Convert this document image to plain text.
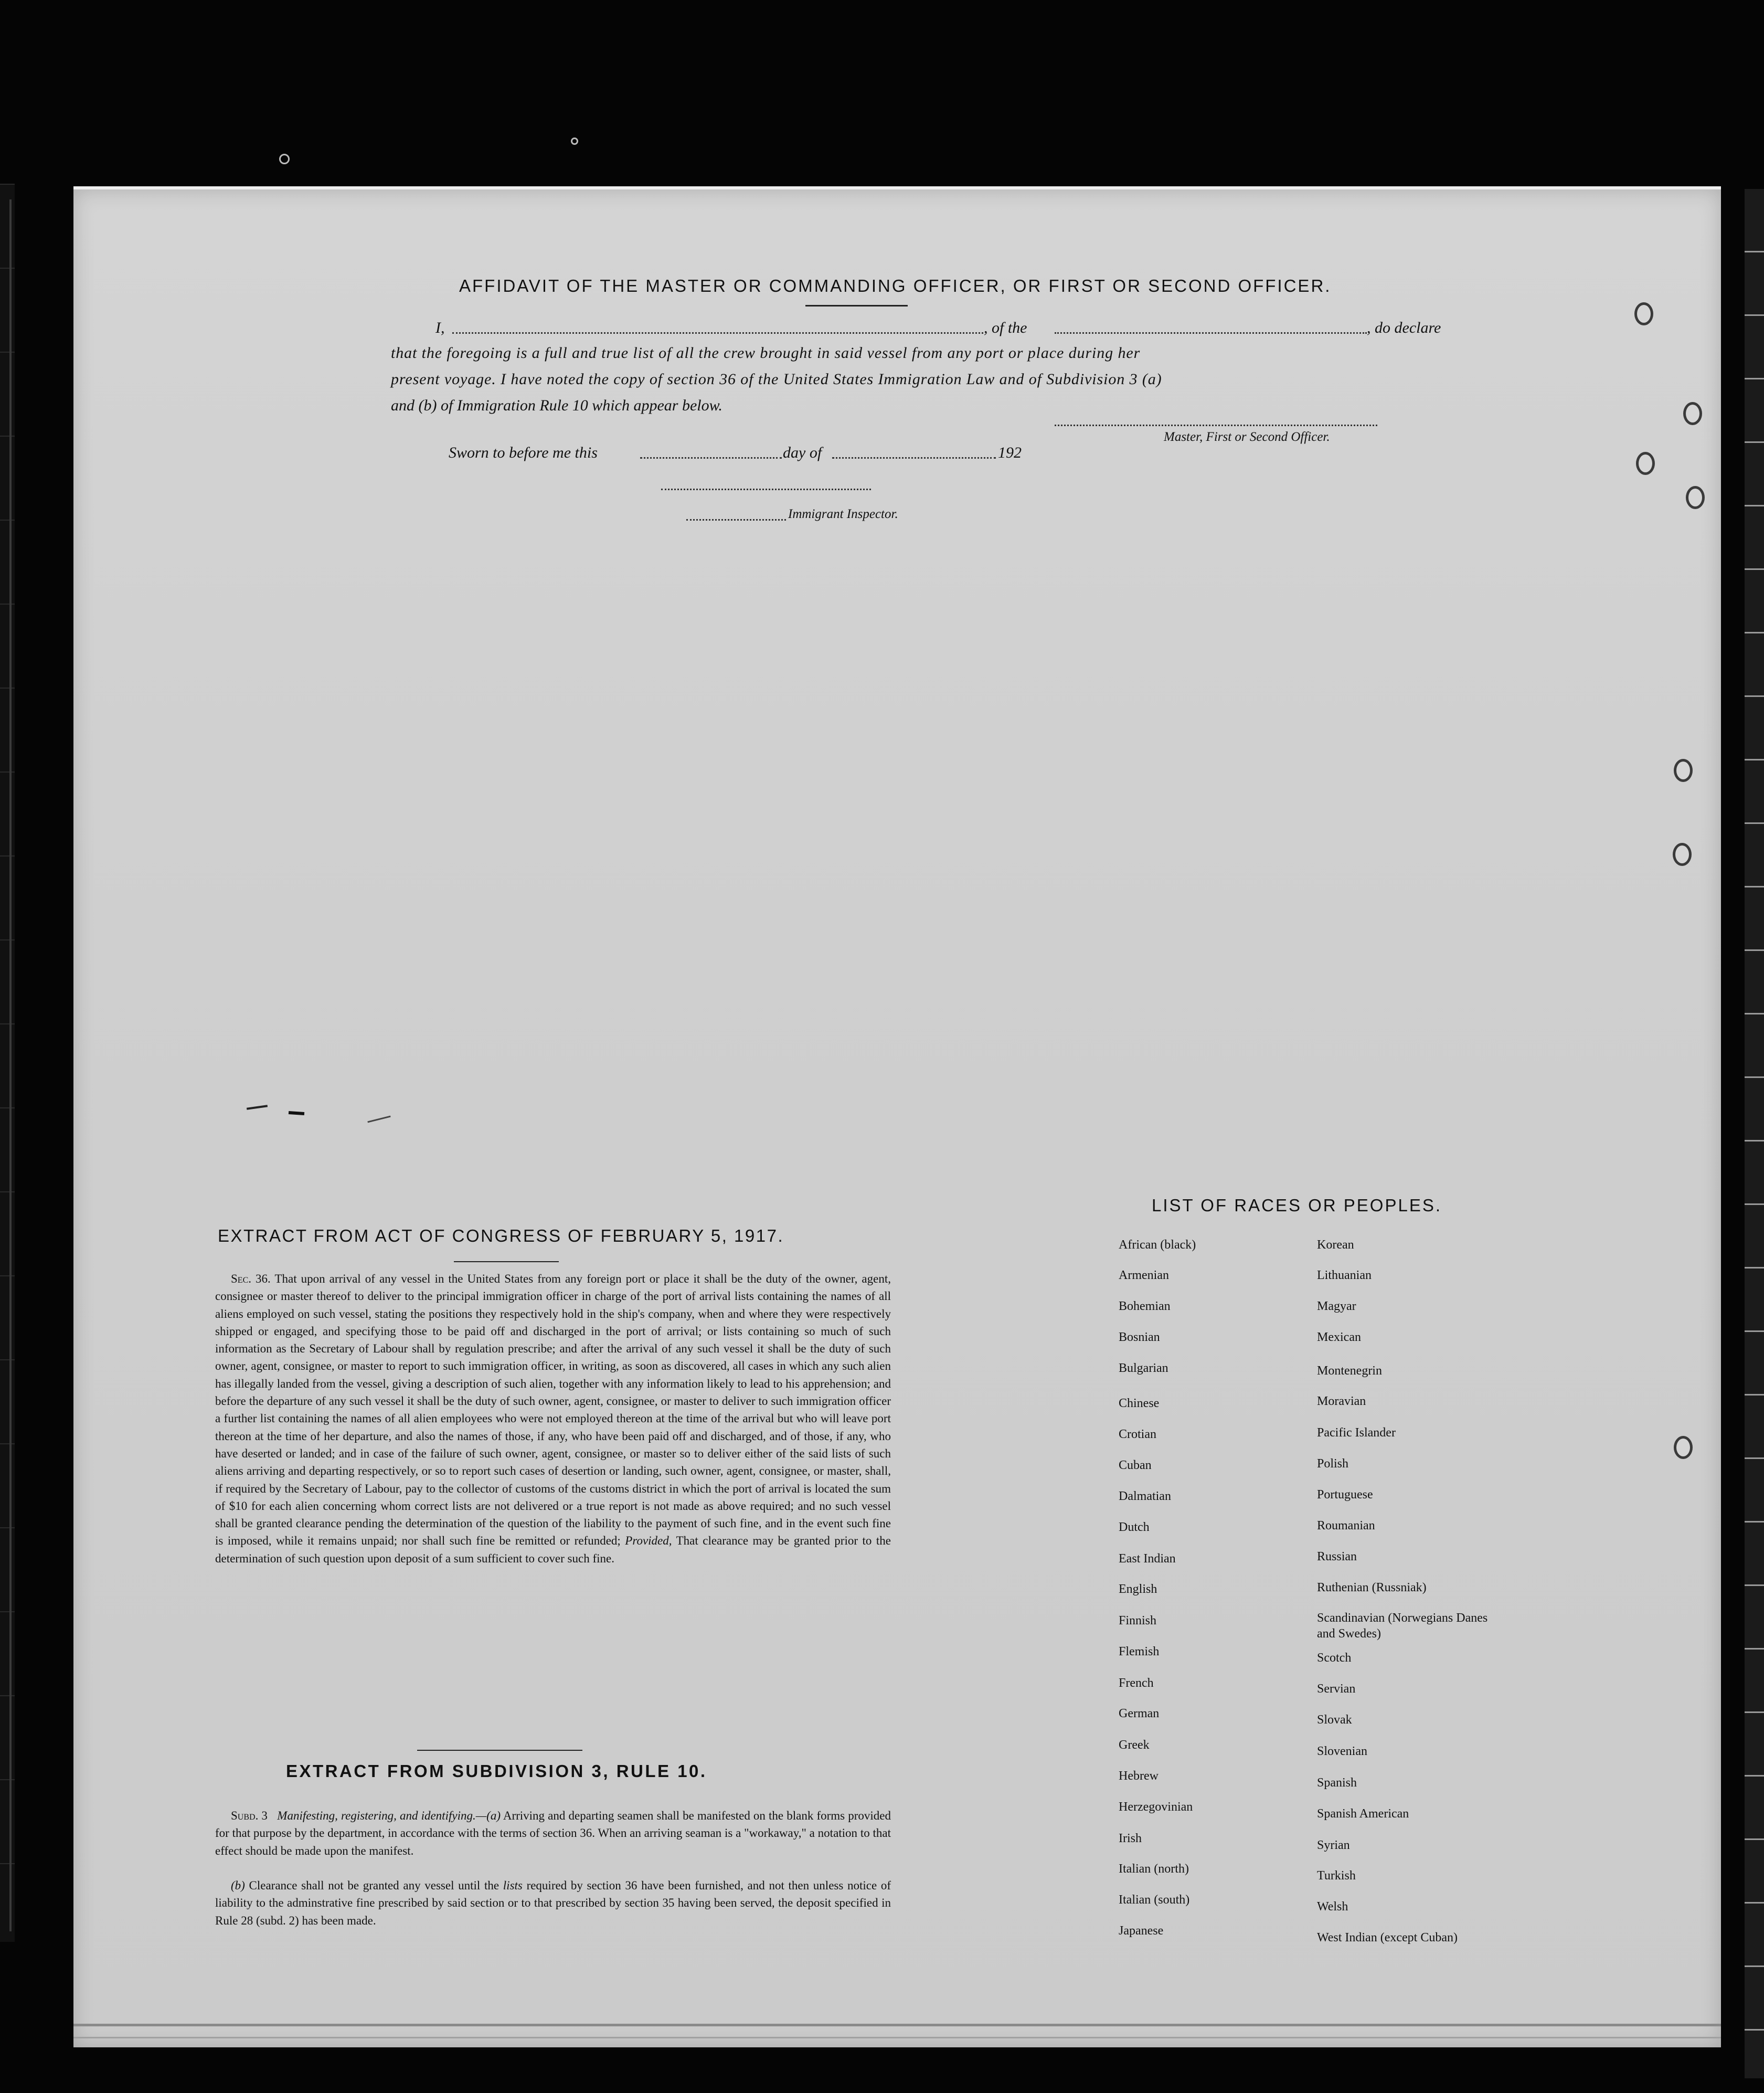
AFFIDAVIT OF THE MASTER OR COMMANDING OFFICER, OR FIRST OR SECOND OFFICER.
I,	, of the	, do declare
that the foregoing is a full and true list of all the crew brought in said vessel from any port or place during her
present voyage. I have noted the copy of section 36 of the United States Immigration Law and of Subdivision 3 (a)
and (b) of Immigration Rule 10 which appear below.
Master, First or Second Officer.
Sworn to before me this	day of	192
Immigrant Inspector.
EXTRACT FROM ACT OF CONGRESS OF FEBRUARY 5, 1917.
Sec. 36. That upon arrival of any vessel in the United States from any foreign port or place it shall be the duty of the owner, agent, consignee or master thereof to deliver to the principal immigration officer in charge of the port of arrival lists containing the names of all aliens employed on such vessel, stating the positions they respectively hold in the ship's company, when and where they were respectively shipped or engaged, and specifying those to be paid off and discharged in the port of arrival; or lists containing so much of such information as the Secretary of Labour shall by regulation prescribe; and after the arrival of any such vessel it shall be the duty of such owner, agent, consignee, or master to report to such immigration officer, in writing, as soon as discovered, all cases in which any such alien has illegally landed from the vessel, giving a description of such alien, together with any information likely to lead to his apprehension; and before the departure of any such vessel it shall be the duty of such owner, agent, consignee, or master to deliver to such immigration officer a further list containing the names of all alien employees who were not employed thereon at the time of the arrival but who will leave port thereon at the time of her departure, and also the names of those, if any, who have been paid off and discharged, and of those, if any, who have deserted or landed; and in case of the failure of such owner, agent, consignee, or master so to deliver either of the said lists of such aliens arriving and departing respectively, or so to report such cases of desertion or landing, such owner, agent, consignee, or master, shall, if required by the Secretary of Labour, pay to the collector of customs of the customs district in which the port of arrival is located the sum of $10 for each alien concerning whom correct lists are not delivered or a true report is not made as above required; and no such vessel shall be granted clearance pending the determination of the question of the liability to the payment of such fine, and in the event such fine is imposed, while it remains unpaid; nor shall such fine be remitted or refunded; Provided, That clearance may be granted prior to the determination of such question upon deposit of a sum sufficient to cover such fine.
EXTRACT FROM SUBDIVISION 3, RULE 10.
Subd. 3 Manifesting, registering, and identifying.—(a) Arriving and departing seamen shall be manifested on the blank forms provided for that purpose by the department, in accordance with the terms of section 36. When an arriving seaman is a "workaway," a notation to that effect should be made upon the manifest.
(b) Clearance shall not be granted any vessel until the lists required by section 36 have been furnished, and not then unless notice of liability to the adminstrative fine prescribed by said section or to that prescribed by section 35 having been served, the deposit specified in Rule 28 (subd. 2) has been made.
LIST OF RACES OR PEOPLES.
African (black)
Armenian
Bohemian
Bosnian
Bulgarian
Chinese
Crotian
Cuban
Dalmatian
Dutch
East Indian
English
Finnish
Flemish
French
German
Greek
Hebrew
Herzegovinian
Irish
Italian (north)
Italian (south)
Japanese
Korean
Lithuanian
Magyar
Mexican
Montenegrin
Moravian
Pacific Islander
Polish
Portuguese
Roumanian
Russian
Ruthenian (Russniak)
Scandinavian (Norwegians Danes and Swedes)
Scotch
Servian
Slovak
Slovenian
Spanish
Spanish American
Syrian
Turkish
Welsh
West Indian (except Cuban)
